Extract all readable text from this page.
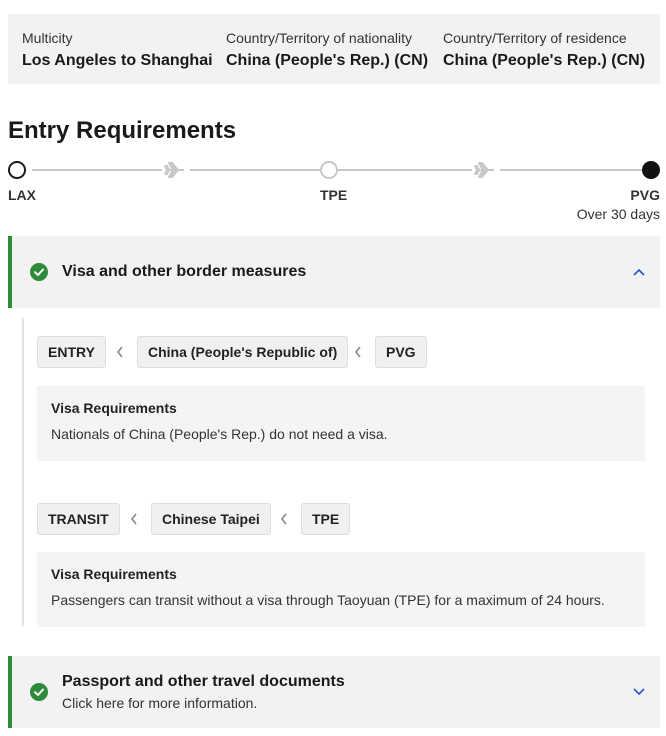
Multicity
Los Angeles to Shanghai
Country/Territory of nationality
China (People's Rep.) (CN)
Country/Territory of residence
China (People's Rep.) (CN)
Entry Requirements
LAX	TPE	PVG
Over 30 days
Visa and other border measures
ENTRY	China (People's Republic of)	PVG
Visa Requirements
Nationals of China (People's Rep.) do not need a visa.
TRANSIT	Chinese Taipei	TPE
Visa Requirements
Passengers can transit without a visa through Taoyuan (TPE) for a maximum of 24 hours.
Passport and other travel documents
Click here for more information.
